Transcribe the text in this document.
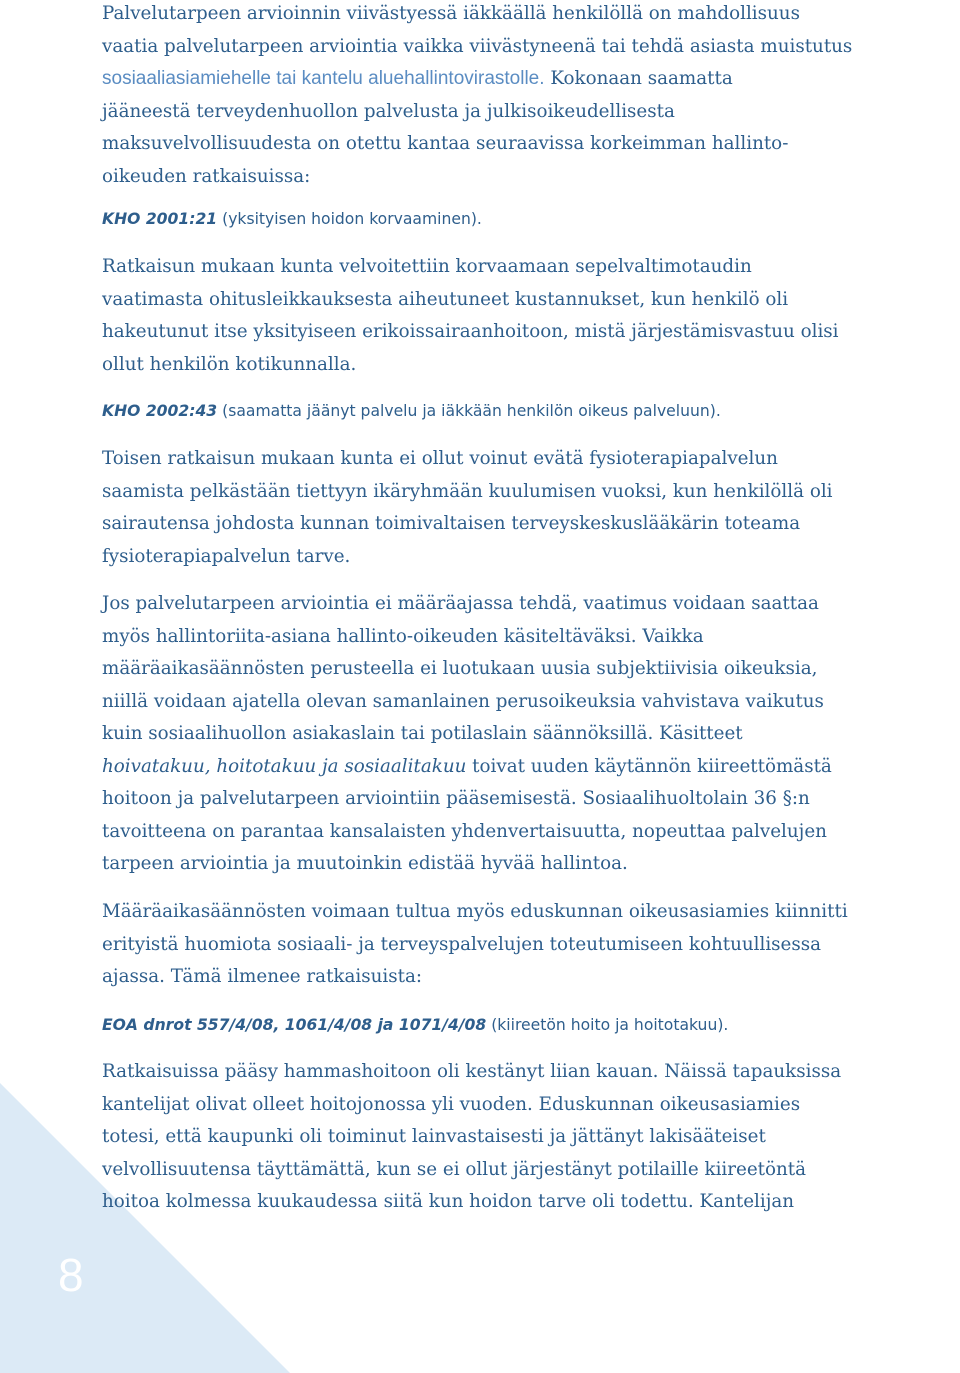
8

Palvelutarpeen arvioinnin viivästyessä iäkkäällä henkilöllä on mahdollisuus

vaatia palvelutarpeen arviointia vaikka viivästyneenä tai tehdä asiasta muistutus

sosiaaliasiamiehelle tai kantelu aluehallintovirastolle. Kokonaan saamatta

jääneestä terveydenhuollon palvelusta ja julkisoikeudellisesta

maksuvelvollisuudesta on otettu kantaa seuraavissa korkeimman hallinto-

oikeuden ratkaisuissa:

KHO 2001:21 (yksityisen hoidon korvaaminen).

Ratkaisun mukaan kunta velvoitettiin korvaamaan sepelvaltimotaudin

vaatimasta ohitusleikkauksesta aiheutuneet kustannukset, kun henkilö oli

hakeutunut itse yksityiseen erikoissairaanhoitoon, mistä järjestämisvastuu olisi

ollut henkilön kotikunnalla.

KHO 2002:43 (saamatta jäänyt palvelu ja iäkkään henkilön oikeus palveluun).

Toisen ratkaisun mukaan kunta ei ollut voinut evätä fysioterapiapalvelun

saamista pelkästään tiettyyn ikäryhmään kuulumisen vuoksi, kun henkilöllä oli

sairautensa johdosta kunnan toimivaltaisen terveyskeskuslääkärin toteama

fysioterapiapalvelun tarve.

Jos palvelutarpeen arviointia ei määräajassa tehdä, vaatimus voidaan saattaa

myös hallintoriita-asiana hallinto-oikeuden käsiteltäväksi. Vaikka

määräaikasäännösten perusteella ei luotukaan uusia subjektiivisia oikeuksia,

niillä voidaan ajatella olevan samanlainen perusoikeuksia vahvistava vaikutus

kuin sosiaalihuollon asiakaslain tai potilaslain säännöksillä. Käsitteet

hoivatakuu, hoitotakuu ja sosiaalitakuu toivat uuden käytännön kiireettömästä

hoitoon ja palvelutarpeen arviointiin pääsemisestä. Sosiaalihuoltolain 36 §:n

tavoitteena on parantaa kansalaisten yhdenvertaisuutta, nopeuttaa palvelujen

tarpeen arviointia ja muutoinkin edistää hyvää hallintoa.

Määräaikasäännösten voimaan tultua myös eduskunnan oikeusasiamies kiinnitti

erityistä huomiota sosiaali- ja terveyspalvelujen toteutumiseen kohtuullisessa

ajassa. Tämä ilmenee ratkaisuista:

EOA dnrot 557/4/08, 1061/4/08 ja 1071/4/08 (kiireetön hoito ja hoitotakuu).

Ratkaisuissa pääsy hammashoitoon oli kestänyt liian kauan. Näissä tapauksissa

kantelijat olivat olleet hoitojonossa yli vuoden. Eduskunnan oikeusasiamies

totesi, että kaupunki oli toiminut lainvastaisesti ja jättänyt lakisääteiset

velvollisuutensa täyttämättä, kun se ei ollut järjestänyt potilaille kiireetöntä

hoitoa kolmessa kuukaudessa siitä kun hoidon tarve oli todettu. Kantelijan
